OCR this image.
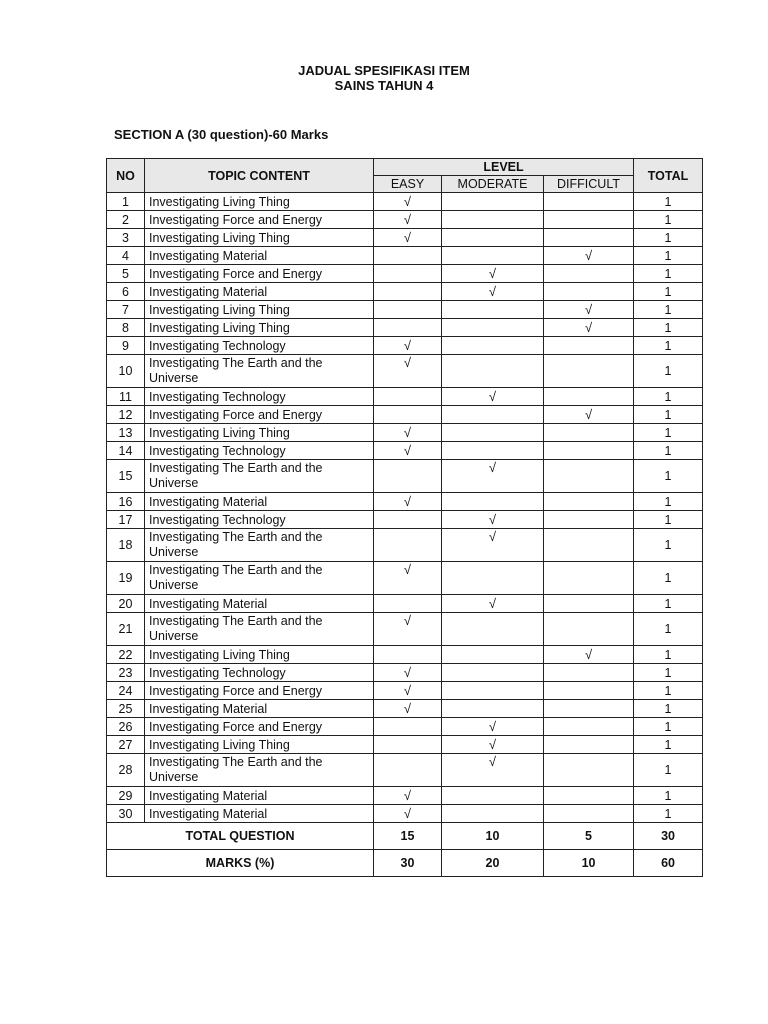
JADUAL SPESIFIKASI ITEM
SAINS TAHUN 4
SECTION A (30 question)-60 Marks
NO	TOPIC CONTENT	LEVEL			TOTAL
		EASY	MODERATE	DIFFICULT	
1	Investigating Living Thing	√			1
2	Investigating Force and Energy	√			1
3	Investigating Living Thing	√			1
4	Investigating Material			√	1
5	Investigating Force and Energy		√		1
6	Investigating Material		√		1
7	Investigating Living Thing			√	1
8	Investigating Living Thing			√	1
9	Investigating Technology	√			1
10	Investigating The Earth and the Universe	√			1
11	Investigating Technology		√		1
12	Investigating Force and Energy			√	1
13	Investigating Living Thing	√			1
14	Investigating Technology	√			1
15	Investigating The Earth and the Universe		√		1
16	Investigating Material	√			1
17	Investigating Technology		√		1
18	Investigating The Earth and the Universe		√		1
19	Investigating The Earth and the Universe	√			1
20	Investigating Material		√		1
21	Investigating The Earth and the Universe	√			1
22	Investigating Living Thing			√	1
23	Investigating Technology	√			1
24	Investigating Force and Energy	√			1
25	Investigating Material	√			1
26	Investigating Force and Energy		√		1
27	Investigating Living Thing		√		1
28	Investigating The Earth and the Universe		√		1
29	Investigating Material	√			1
30	Investigating Material	√			1
TOTAL QUESTION		15	10	5	30
MARKS (%)		30	20	10	60
